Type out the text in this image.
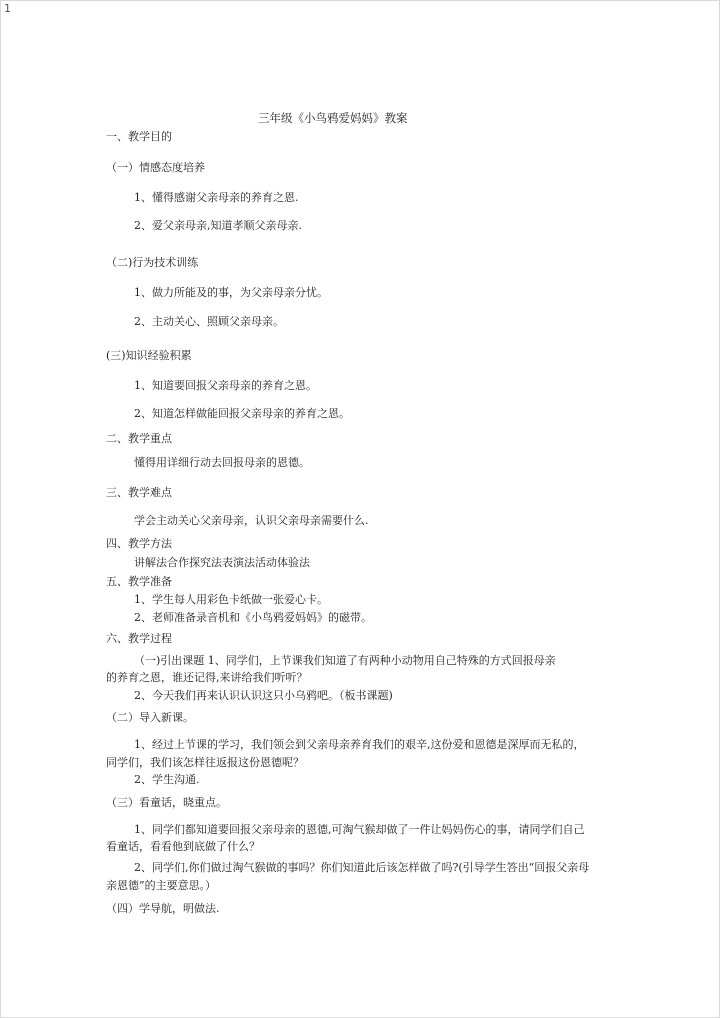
1
三年级《小鸟鸦爱妈妈》教案
一、教学目的
（一）情感态度培养
1、懂得感谢父亲母亲的养育之恩.
2、爱父亲母亲,知道孝顺父亲母亲.
（二)行为技术训练
1、做力所能及的事，为父亲母亲分忧。
2、主动关心、照顾父亲母亲。
(三)知识经验积累
1、知道要回报父亲母亲的养育之恩。
2、知道怎样做能回报父亲母亲的养育之恩。
二、教学重点
懂得用详细行动去回报母亲的恩德。
三、教学难点
学会主动关心父亲母亲，认识父亲母亲需要什么.
四、教学方法
讲解法合作探究法表演法活动体验法
五、教学准备
1、学生每人用彩色卡纸做一张爱心卡。
2、老师准备录音机和《小鸟鸦爱妈妈》的磁带。
六、教学过程
（一)引出课题 1、同学们，上节课我们知道了有两种小动物用自己特殊的方式回报母亲
的养育之恩，谁还记得,来讲给我们听听？
2、今天我们再来认识认识这只小乌鸦吧。（板书课题)
（二）导入新课。
1、经过上节课的学习，我们领会到父亲母亲养育我们的艰辛,这份爱和恩德是深厚而无私的，
同学们，我们该怎样往返报这份恩德呢？
2、学生沟通.
（三）看童话，晓重点。
1、同学们都知道要回报父亲母亲的恩德,可淘气猴却做了一件让妈妈伤心的事，请同学们自己
看童话，看看他到底做了什么？
2、同学们,你们做过淘气猴做的事吗？你们知道此后该怎样做了吗?(引导学生答出“回报父亲母
亲恩德”的主要意思。）
（四）学导航，明做法.
